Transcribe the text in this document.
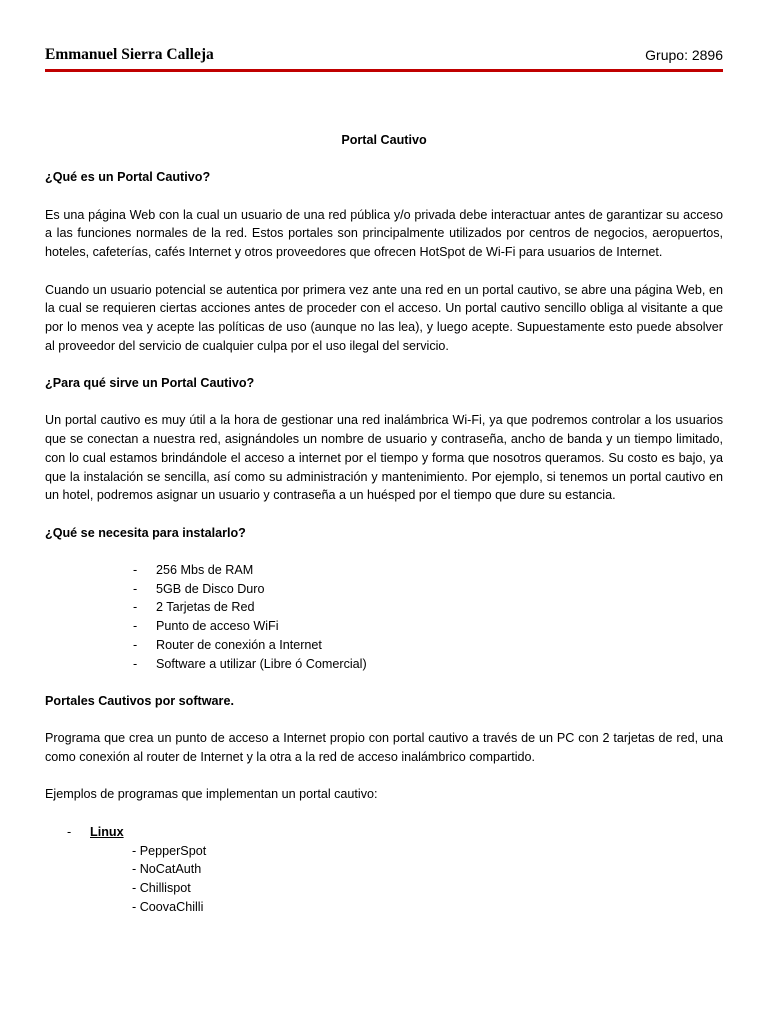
Emmanuel Sierra Calleja	Grupo: 2896

Portal Cautivo

¿Qué es un Portal Cautivo?

Es una página Web con la cual un usuario de una red pública y/o privada debe interactuar antes de garantizar su acceso a las funciones normales de la red. Estos portales son principalmente utilizados por centros de negocios, aeropuertos, hoteles, cafeterías, cafés Internet y otros proveedores que ofrecen HotSpot de Wi-Fi para usuarios de Internet.

Cuando un usuario potencial se autentica por primera vez ante una red en un portal cautivo, se abre una página Web, en la cual se requieren ciertas acciones antes de proceder con el acceso. Un portal cautivo sencillo obliga al visitante a que por lo menos vea y acepte las políticas de uso (aunque no las lea), y luego acepte. Supuestamente esto puede absolver al proveedor del servicio de cualquier culpa por el uso ilegal del servicio.

¿Para qué sirve un Portal Cautivo?

Un portal cautivo es muy útil a la hora de gestionar una red inalámbrica Wi-Fi, ya que podremos controlar a los usuarios que se conectan a nuestra red, asignándoles un nombre de usuario y contraseña, ancho de banda y un tiempo limitado, con lo cual estamos brindándole el acceso a internet por el tiempo y forma que nosotros queramos. Su costo es bajo, ya que la instalación se sencilla, así como su administración y mantenimiento. Por ejemplo, si tenemos un portal cautivo en un hotel, podremos asignar un usuario y contraseña a un huésped por el tiempo que dure su estancia.

¿Qué se necesita para instalarlo?

- 256 Mbs de RAM
- 5GB de Disco Duro
- 2 Tarjetas de Red
- Punto de acceso WiFi
- Router de conexión a Internet
- Software a utilizar (Libre ó Comercial)

Portales Cautivos por software.

Programa que crea un punto de acceso a Internet propio con portal cautivo a través de un PC con 2 tarjetas de red, una como conexión al router de Internet y la otra a la red de acceso inalámbrico compartido.

Ejemplos de programas que implementan un portal cautivo:

- Linux
- PepperSpot
- NoCatAuth
- Chillispot
- CoovaChilli
